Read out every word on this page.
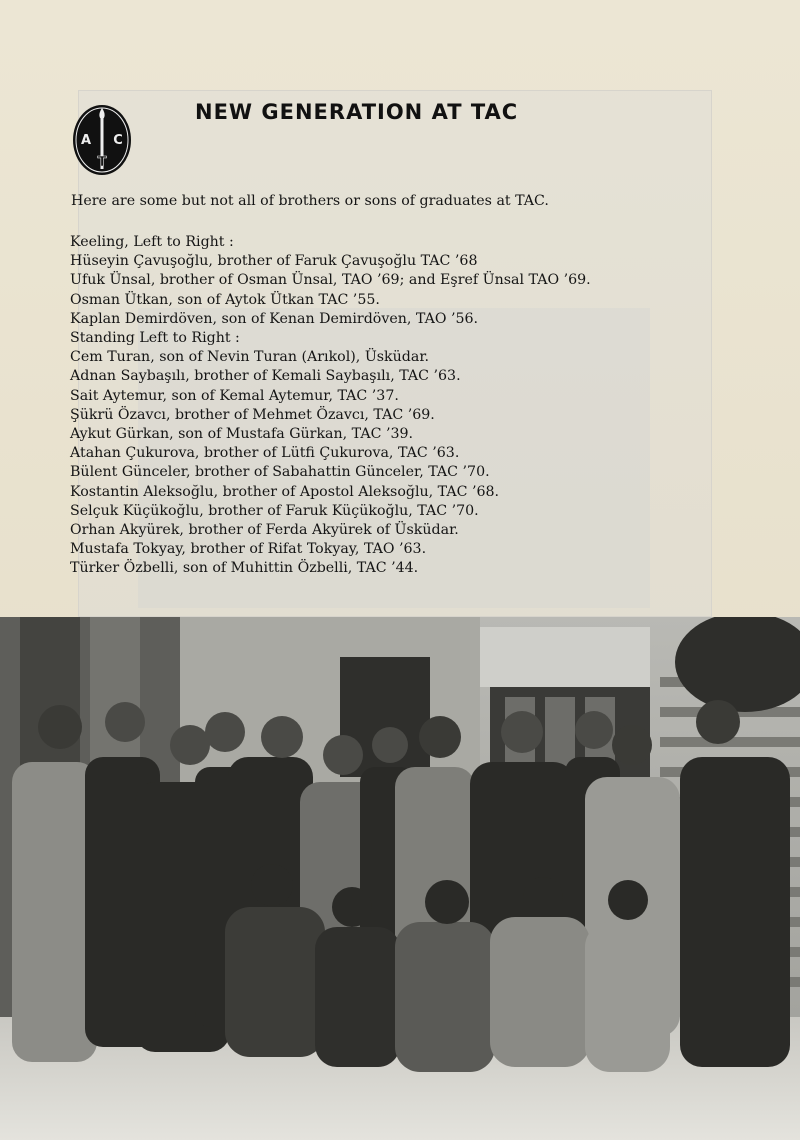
A C
T
NEW GENERATION AT TAC
Here are some but not all of brothers or sons of graduates at TAC.
Keeling, Left to Right :
Hüseyin Çavuşoğlu, brother of Faruk Çavuşoğlu TAC ’68
Ufuk Ünsal, brother of Osman Ünsal, TAO ’69; and Eşref Ünsal TAO ’69.
Osman Ütkan, son of Aytok Ütkan TAC ’55.
Kaplan Demirdöven, son of Kenan Demirdöven, TAO ’56.
Standing Left to Right :
Cem Turan, son of Nevin Turan (Arıkol), Üsküdar.
Adnan Saybaşılı, brother of Kemali Saybaşılı, TAC ’63.
Sait Aytemur, son of Kemal Aytemur, TAC ’37.
Şükrü Özavcı, brother of Mehmet Özavcı, TAC ’69.
Aykut Gürkan, son of Mustafa Gürkan, TAC ’39.
Atahan Çukurova, brother of Lütfi Çukurova, TAC ’63.
Bülent Günceler, brother of Sabahattin Günceler, TAC ’70.
Kostantin Aleksoğlu, brother of Apostol Aleksoğlu, TAC ’68.
Selçuk Küçükoğlu, brother of Faruk Küçükoğlu, TAC ’70.
Orhan Akyürek, brother of Ferda Akyürek of Üsküdar.
Mustafa Tokyay, brother of Rifat Tokyay, TAO ’63.
Türker Özbelli, son of Muhittin Özbelli, TAC ’44.
